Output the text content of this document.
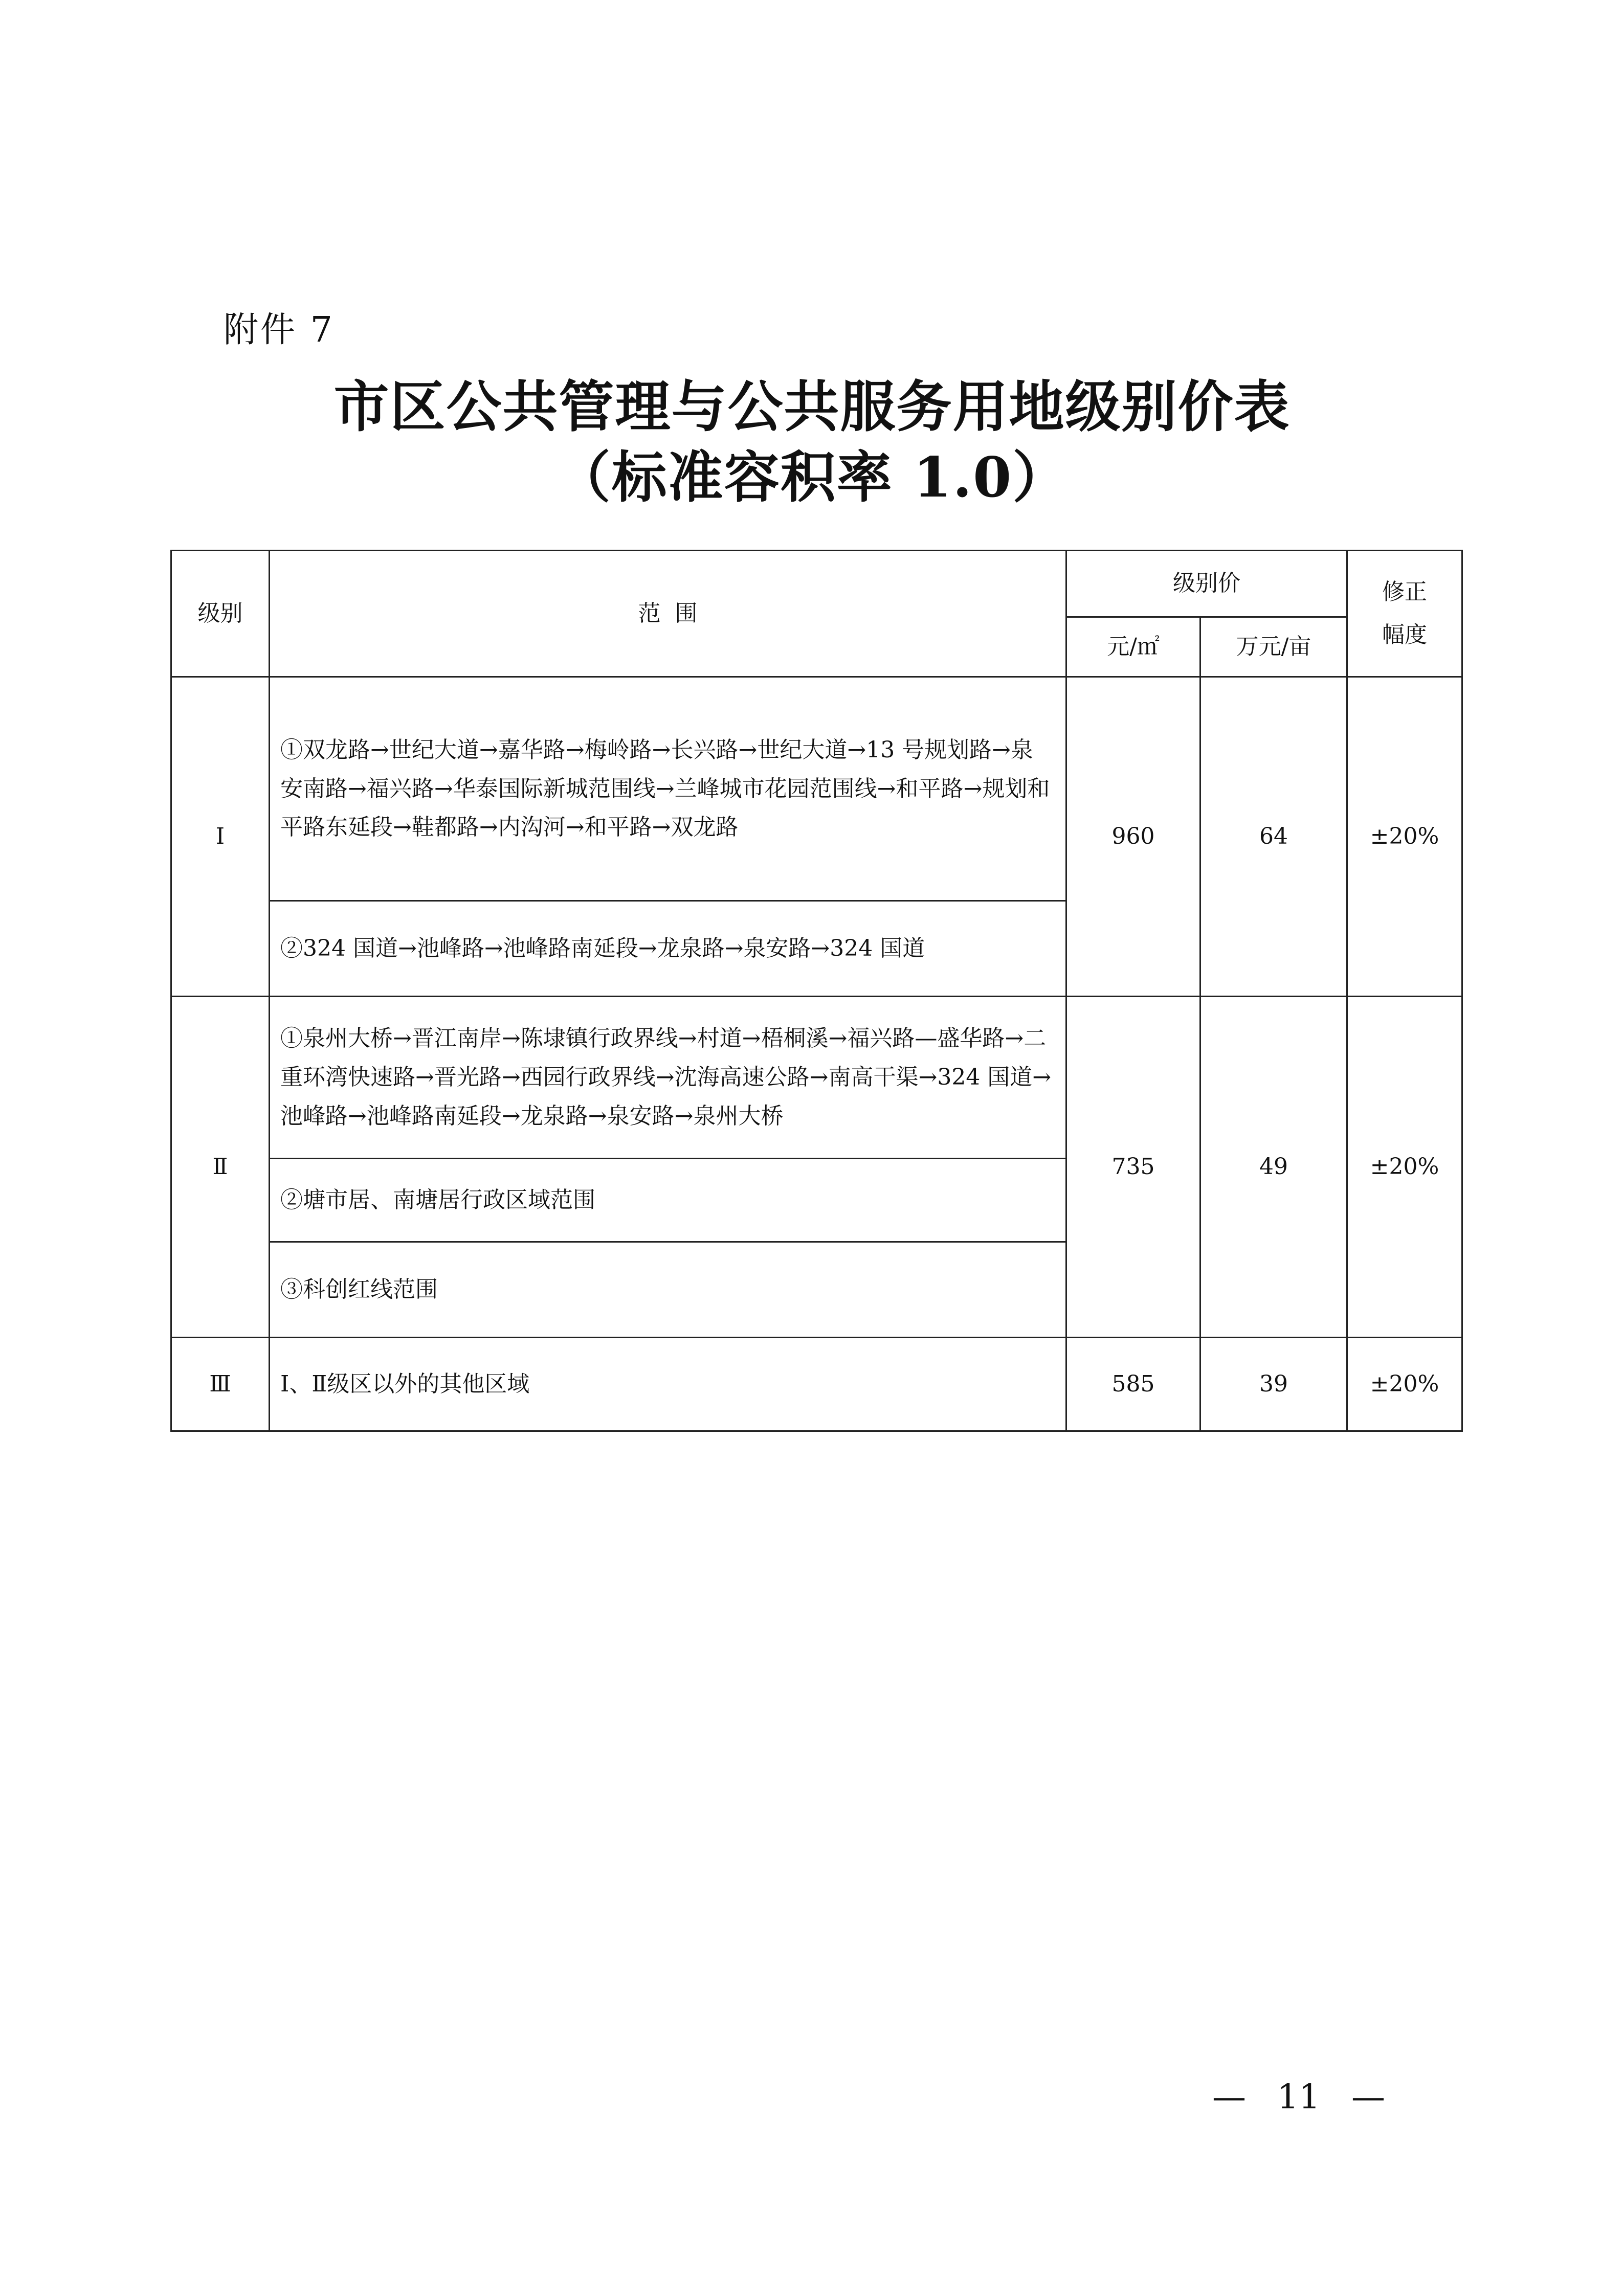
附件 7
市区公共管理与公共服务用地级别价表
（标准容积率 1.0）
级别	范  围	级别价		修正
幅度

		元/㎡	万元/亩	
Ⅰ	①双龙路→世纪大道→嘉华路→梅岭路→长兴路→世纪大道→13 号规划路→泉安南路→福兴路→华泰国际新城范围线→兰峰城市花园范围线→和平路→规划和平路东延段→鞋都路→内沟河→和平路→双龙路	960	64	±20%
	②324 国道→池峰路→池峰路南延段→龙泉路→泉安路→324 国道			
Ⅱ	①泉州大桥→晋江南岸→陈埭镇行政界线→村道→梧桐溪→福兴路—盛华路→二重环湾快速路→晋光路→西园行政界线→沈海高速公路→南高干渠→324 国道→池峰路→池峰路南延段→龙泉路→泉安路→泉州大桥	735	49	±20%
	②塘市居、南塘居行政区域范围			
	③科创红线范围			
Ⅲ	Ⅰ、Ⅱ级区以外的其他区域	585	39	±20%
— 11 —
